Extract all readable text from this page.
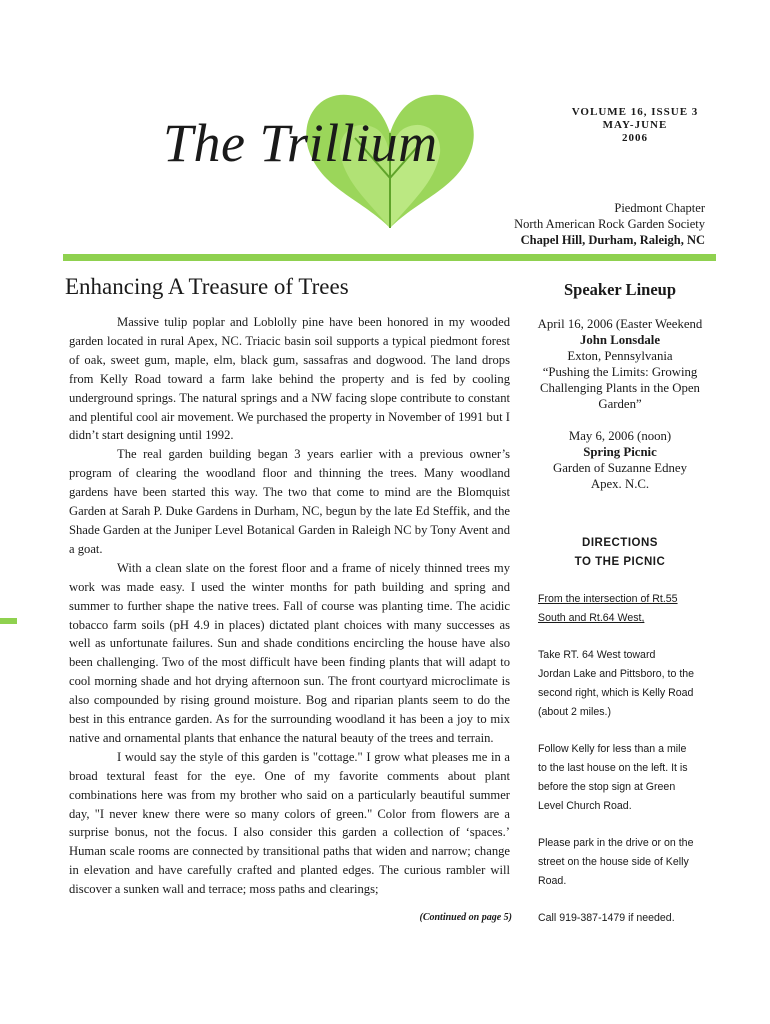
The Trillium
VOLUME 16, ISSUE 3
MAY-JUNE
2006
Piedmont Chapter
North American Rock Garden Society
Chapel Hill, Durham, Raleigh, NC
Enhancing A Treasure of Trees

Massive tulip poplar and Loblolly pine have been honored in my wooded garden located in rural Apex, NC. Triacic basin soil supports a typical piedmont forest of oak, sweet gum, maple, elm, black gum, sassafras and dogwood. The land drops from Kelly Road toward a farm lake behind the property and is fed by cooling underground springs. The natural springs and a NW facing slope contribute to constant and plentiful cool air movement. We purchased the property in November of 1991 but I didn’t start designing until 1992.

The real garden building began 3 years earlier with a previous owner’s program of clearing the woodland floor and thinning the trees. Many woodland gardens have been started this way. The two that come to mind are the Blomquist Garden at Sarah P. Duke Gardens in Durham, NC, begun by the late Ed Steffik, and the Shade Garden at the Juniper Level Botanical Garden in Raleigh NC by Tony Avent and a goat.

With a clean slate on the forest floor and a frame of nicely thinned trees my work was made easy. I used the winter months for path building and spring and summer to further shape the native trees. Fall of course was planting time. The acidic tobacco farm soils (pH 4.9 in places) dictated plant choices with many successes as well as unfortunate failures. Sun and shade conditions encircling the house have also been challenging. Two of the most difficult have been finding plants that will adapt to cool morning shade and hot drying afternoon sun. The front courtyard microclimate is also compounded by rising ground moisture. Bog and riparian plants seem to do the best in this entrance garden. As for the surrounding woodland it has been a joy to mix native and ornamental plants that enhance the natural beauty of the trees and terrain.

I would say the style of this garden is "cottage." I grow what pleases me in a broad textural feast for the eye. One of my favorite comments about plant combinations here was from my brother who said on a particularly beautiful summer day, "I never knew there were so many colors of green." Color from flowers are a surprise bonus, not the focus. I also consider this garden a collection of ‘spaces.’ Human scale rooms are connected by transitional paths that widen and narrow; change in elevation and have carefully crafted and planted edges. The curious rambler will discover a sunken wall and terrace; moss paths and clearings;

(Continued on page 5)
Speaker Lineup
April 16, 2006 (Easter Weekend
John Lonsdale
Exton, Pennsylvania
“Pushing the Limits: Growing Challenging Plants in the Open Garden”
May 6, 2006 (noon)
Spring Picnic
Garden of Suzanne Edney
Apex. N.C.
DIRECTIONS
TO THE PICNIC
From the intersection of Rt.55
South and Rt.64 West,
Take RT. 64 West toward
Jordan Lake and Pittsboro, to the
second right, which is Kelly Road
(about 2 miles.)
Follow Kelly for less than a mile
to the last house on the left. It is
before the stop sign at Green
Level Church Road.
Please park in the drive or on the
street on the house side of Kelly
Road.
Call 919-387-1479 if needed.
